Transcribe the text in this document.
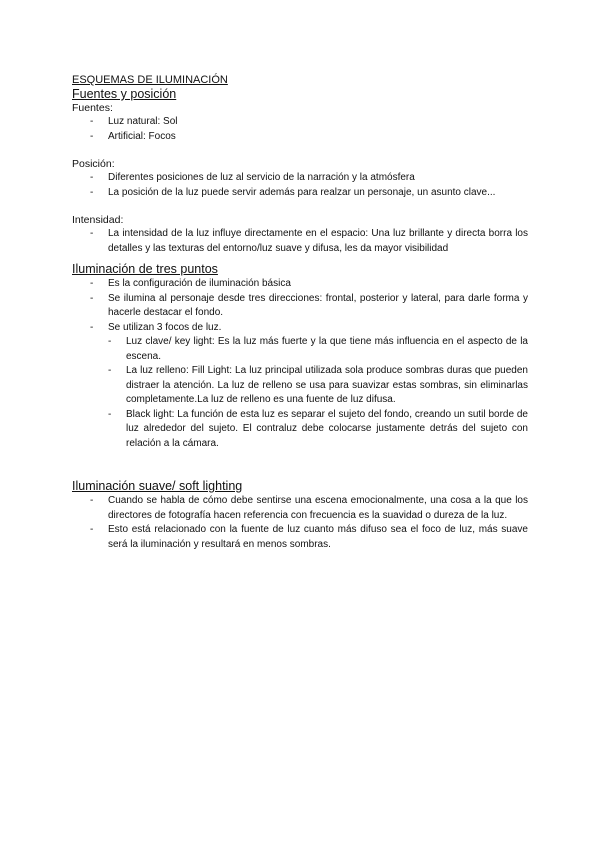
ESQUEMAS DE ILUMINACIÓN

Fuentes y posición

Fuentes:

- Luz natural: Sol
- Artificial: Focos

Posición:

- Diferentes posiciones de luz al servicio de la narración y la atmósfera
- La posición de la luz puede servir además para realzar un personaje, un asunto clave...

Intensidad:

- La intensidad de la luz influye directamente en el espacio: Una luz brillante y directa borra los detalles y las texturas del entorno/luz suave y difusa, les da mayor visibilidad

Iluminación de tres puntos

- Es la configuración de iluminación básica
- Se ilumina al personaje desde tres direcciones: frontal, posterior y lateral, para darle forma y hacerle destacar el fondo.
- Se utilizan 3 focos de luz.
- Luz clave/ key light: Es la luz más fuerte y la que tiene más influencia en el aspecto de la escena.
- La luz relleno: Fill Light: La luz principal utilizada sola produce sombras duras que pueden distraer la atención. La luz de relleno se usa para suavizar estas sombras, sin eliminarlas completamente.La luz de relleno es una fuente de luz difusa.
- Black light: La función de esta luz es separar el sujeto del fondo, creando un sutil borde de luz alrededor del sujeto. El contraluz debe colocarse justamente detrás del sujeto con relación a la cámara.

Iluminación suave/ soft lighting

- Cuando se habla de cómo debe sentirse una escena emocionalmente, una cosa a la que los directores de fotografía hacen referencia con frecuencia es la suavidad o dureza de la luz.
- Esto está relacionado con la fuente de luz cuanto más difuso sea el foco de luz, más suave será la iluminación y resultará en menos sombras.
